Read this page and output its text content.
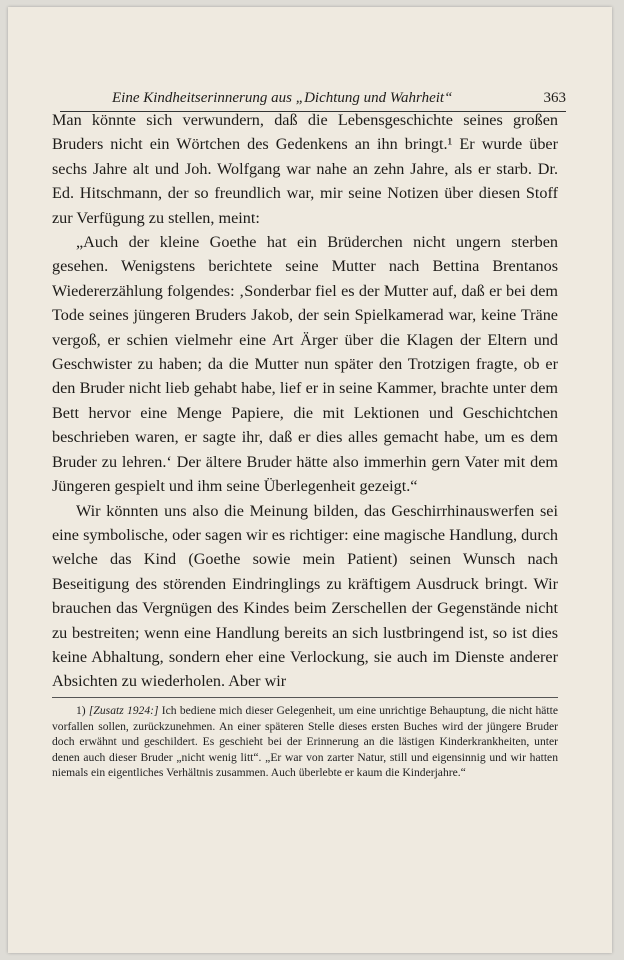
Eine Kindheitserinnerung aus „Dichtung und Wahrheit“	363

Man könnte sich verwundern, daß die Lebensgeschichte seines großen Bruders nicht ein Wörtchen des Gedenkens an ihn bringt.¹ Er wurde über sechs Jahre alt und Joh. Wolfgang war nahe an zehn Jahre, als er starb. Dr. Ed. Hitschmann, der so freundlich war, mir seine Notizen über diesen Stoff zur Verfügung zu stellen, meint:

„Auch der kleine Goethe hat ein Brüderchen nicht ungern sterben gesehen. Wenigstens berichtete seine Mutter nach Bettina Brentanos Wiedererzählung folgendes: ‚Sonderbar fiel es der Mutter auf, daß er bei dem Tode seines jüngeren Bruders Jakob, der sein Spielkamerad war, keine Träne vergoß, er schien vielmehr eine Art Ärger über die Klagen der Eltern und Geschwister zu haben; da die Mutter nun später den Trotzigen fragte, ob er den Bruder nicht lieb gehabt habe, lief er in seine Kammer, brachte unter dem Bett hervor eine Menge Papiere, die mit Lektionen und Geschichtchen beschrieben waren, er sagte ihr, daß er dies alles gemacht habe, um es dem Bruder zu lehren.‘ Der ältere Bruder hätte also immerhin gern Vater mit dem Jüngeren gespielt und ihm seine Überlegenheit gezeigt.“

Wir könnten uns also die Meinung bilden, das Geschirrhinauswerfen sei eine symbolische, oder sagen wir es richtiger: eine magische Handlung, durch welche das Kind (Goethe sowie mein Patient) seinen Wunsch nach Beseitigung des störenden Eindringlings zu kräftigem Ausdruck bringt. Wir brauchen das Vergnügen des Kindes beim Zerschellen der Gegenstände nicht zu bestreiten; wenn eine Handlung bereits an sich lustbringend ist, so ist dies keine Abhaltung, sondern eher eine Verlockung, sie auch im Dienste anderer Absichten zu wiederholen. Aber wir

1) [Zusatz 1924:] Ich bediene mich dieser Gelegenheit, um eine unrichtige Behauptung, die nicht hätte vorfallen sollen, zurückzunehmen. An einer späteren Stelle dieses ersten Buches wird der jüngere Bruder doch erwähnt und geschildert. Es geschieht bei der Erinnerung an die lästigen Kinderkrankheiten, unter denen auch dieser Bruder „nicht wenig litt“. „Er war von zarter Natur, still und eigensinnig und wir hatten niemals ein eigentliches Verhältnis zusammen. Auch überlebte er kaum die Kinderjahre.“
